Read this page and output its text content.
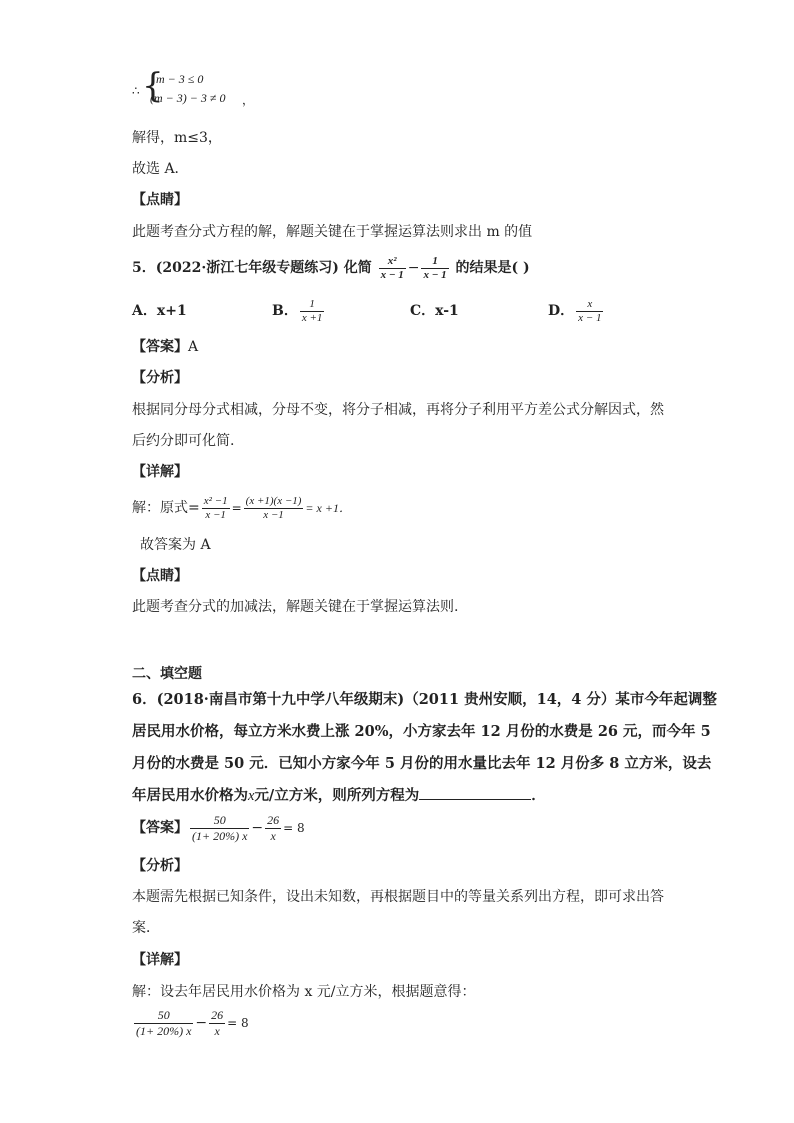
∴ {
m − 3 ≤ 0
(m − 3) − 3 ≠ 0 ，
解得，m≤3，
故选 A．
【点睛】
此题考查分式方程的解，解题关键在于掌握运算法则求出 m 的值
5．(2022·浙江七年级专题练习) 化简 $\frac{\text{x²}}{x - 1} - \frac{1}{x - 1}$ 的结果是( )
A．x+1	B． $\frac{1}{x +1}$	C．x-1	D． $\frac{x}{x - 1}$
【答案】A
【分析】
根据同分母分式相减，分母不变，将分子相减，再将分子利用平方差公式分解因式，然
后约分即可化简.
【详解】
解：原式= $\frac{\text{x² −1}}{x -1} = \frac{(x +1)(x -1)}{x -1} = x +1$．
故答案为 A
【点睛】
此题考查分式的加减法，解题关键在于掌握运算法则.
二、填空题
6．(2018·南昌市第十九中学八年级期末)（2011 贵州安顺，14，4 分）某市今年起调整
居民用水价格，每立方米水费上涨 20%，小方家去年 12 月份的水费是 26 元，而今年 5
月份的水费是 50 元．已知小方家今年 5 月份的用水量比去年 12 月份多 8 立方米，设去
年居民用水价格为x元/立方米，则所列方程为	．
【答案】 $\frac{50}{(1+ 20\%) x} - \frac{26}{x} = 8$
【分析】
本题需先根据已知条件，设出未知数，再根据题目中的等量关系列出方程，即可求出答
案．
【详解】
解：设去年居民用水价格为 x 元/立方米，根据题意得：
$\frac{50}{(1+ 20\%) x} - \frac{26}{x} = 8$
